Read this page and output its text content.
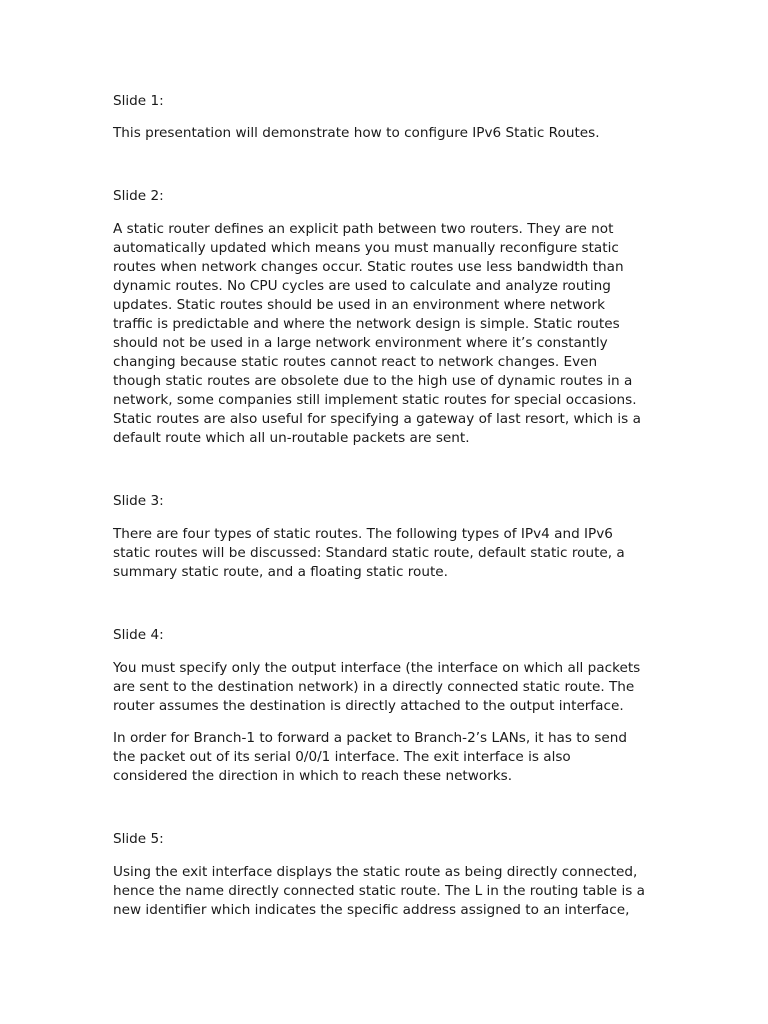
Slide 1:

This presentation will demonstrate how to configure IPv6 Static Routes.

Slide 2:

A static router defines an explicit path between two routers. They are not
automatically updated which means you must manually reconfigure static
routes when network changes occur. Static routes use less bandwidth than
dynamic routes. No CPU cycles are used to calculate and analyze routing
updates. Static routes should be used in an environment where network
traffic is predictable and where the network design is simple. Static routes
should not be used in a large network environment where it’s constantly
changing because static routes cannot react to network changes. Even
though static routes are obsolete due to the high use of dynamic routes in a
network, some companies still implement static routes for special occasions.
Static routes are also useful for specifying a gateway of last resort, which is a
default route which all un-routable packets are sent.

Slide 3:

There are four types of static routes. The following types of IPv4 and IPv6
static routes will be discussed: Standard static route, default static route, a
summary static route, and a floating static route.

Slide 4:

You must specify only the output interface (the interface on which all packets
are sent to the destination network) in a directly connected static route. The
router assumes the destination is directly attached to the output interface.

In order for Branch-1 to forward a packet to Branch-2’s LANs, it has to send
the packet out of its serial 0/0/1 interface. The exit interface is also
considered the direction in which to reach these networks.

Slide 5:

Using the exit interface displays the static route as being directly connected,
hence the name directly connected static route. The L in the routing table is a
new identifier which indicates the specific address assigned to an interface,
